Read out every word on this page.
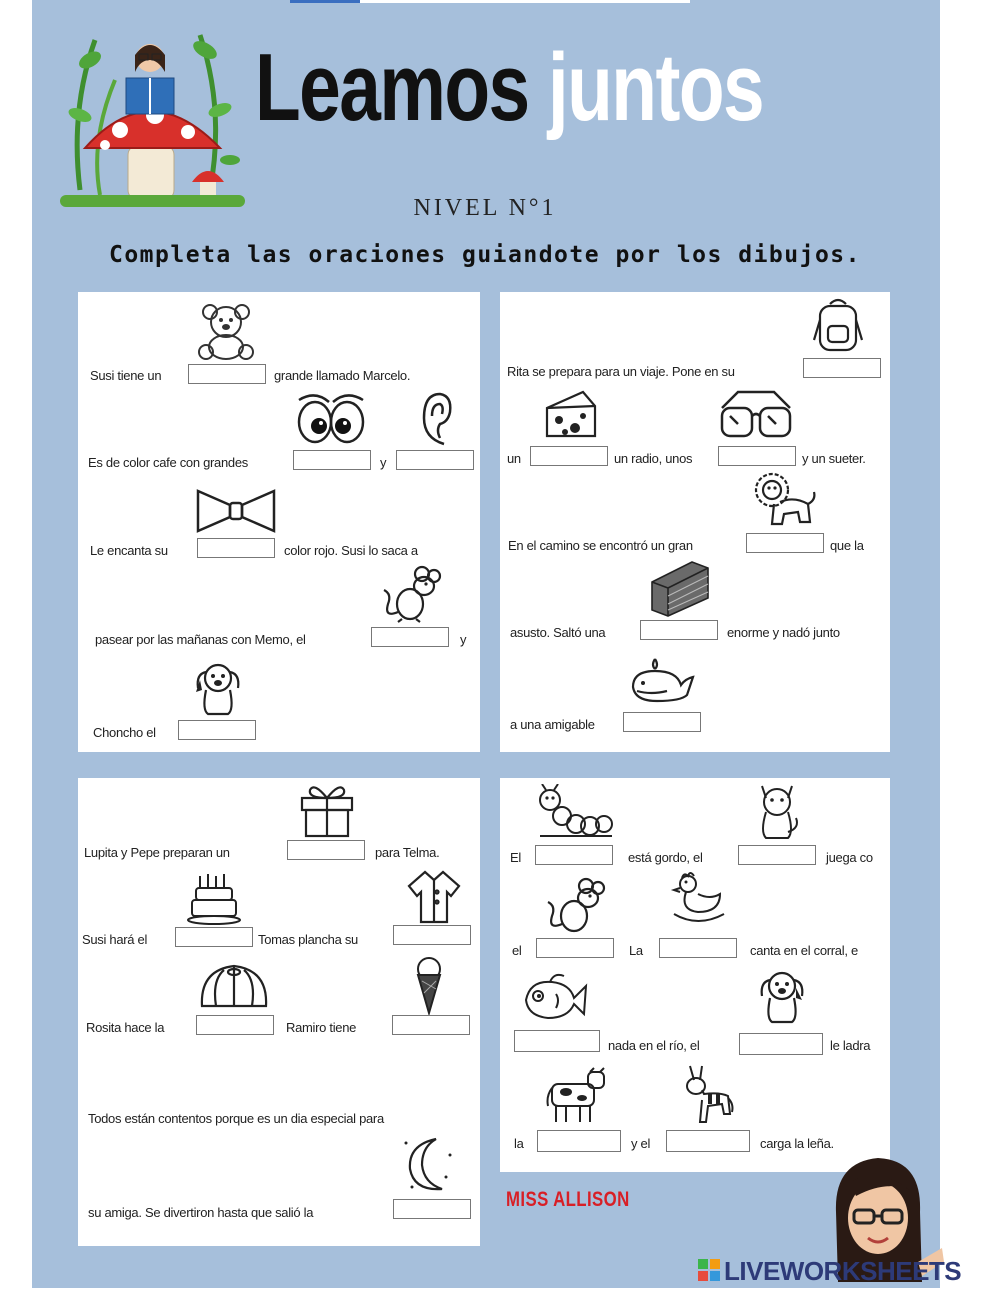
Leamos juntos
NIVEL N°1
Completa las oraciones guiandote por los dibujos.
Susi tiene un	grande llamado Marcelo.
Es de color cafe con grandes	y
Le encanta su	color rojo. Susi lo saca a
pasear por las mañanas con Memo, el	y
Choncho el
Rita se prepara para un viaje. Pone en su
un	un radio, unos	y un sueter.
En el camino se encontró un gran	que la
asusto. Saltó una	enorme y nadó junto
a una amigable
Lupita y Pepe preparan un	para Telma.
Susi hará el	Tomas plancha su
Rosita hace la	Ramiro tiene
Todos están contentos porque es un dia especial para
su amiga. Se divertiron hasta que salió la
El	está gordo, el	juega co
el	La	canta en el corral, e
nada en el río, el	le ladra
la	y el	carga la leña.
MISS ALLISON
LIVEWORKSHEETS
